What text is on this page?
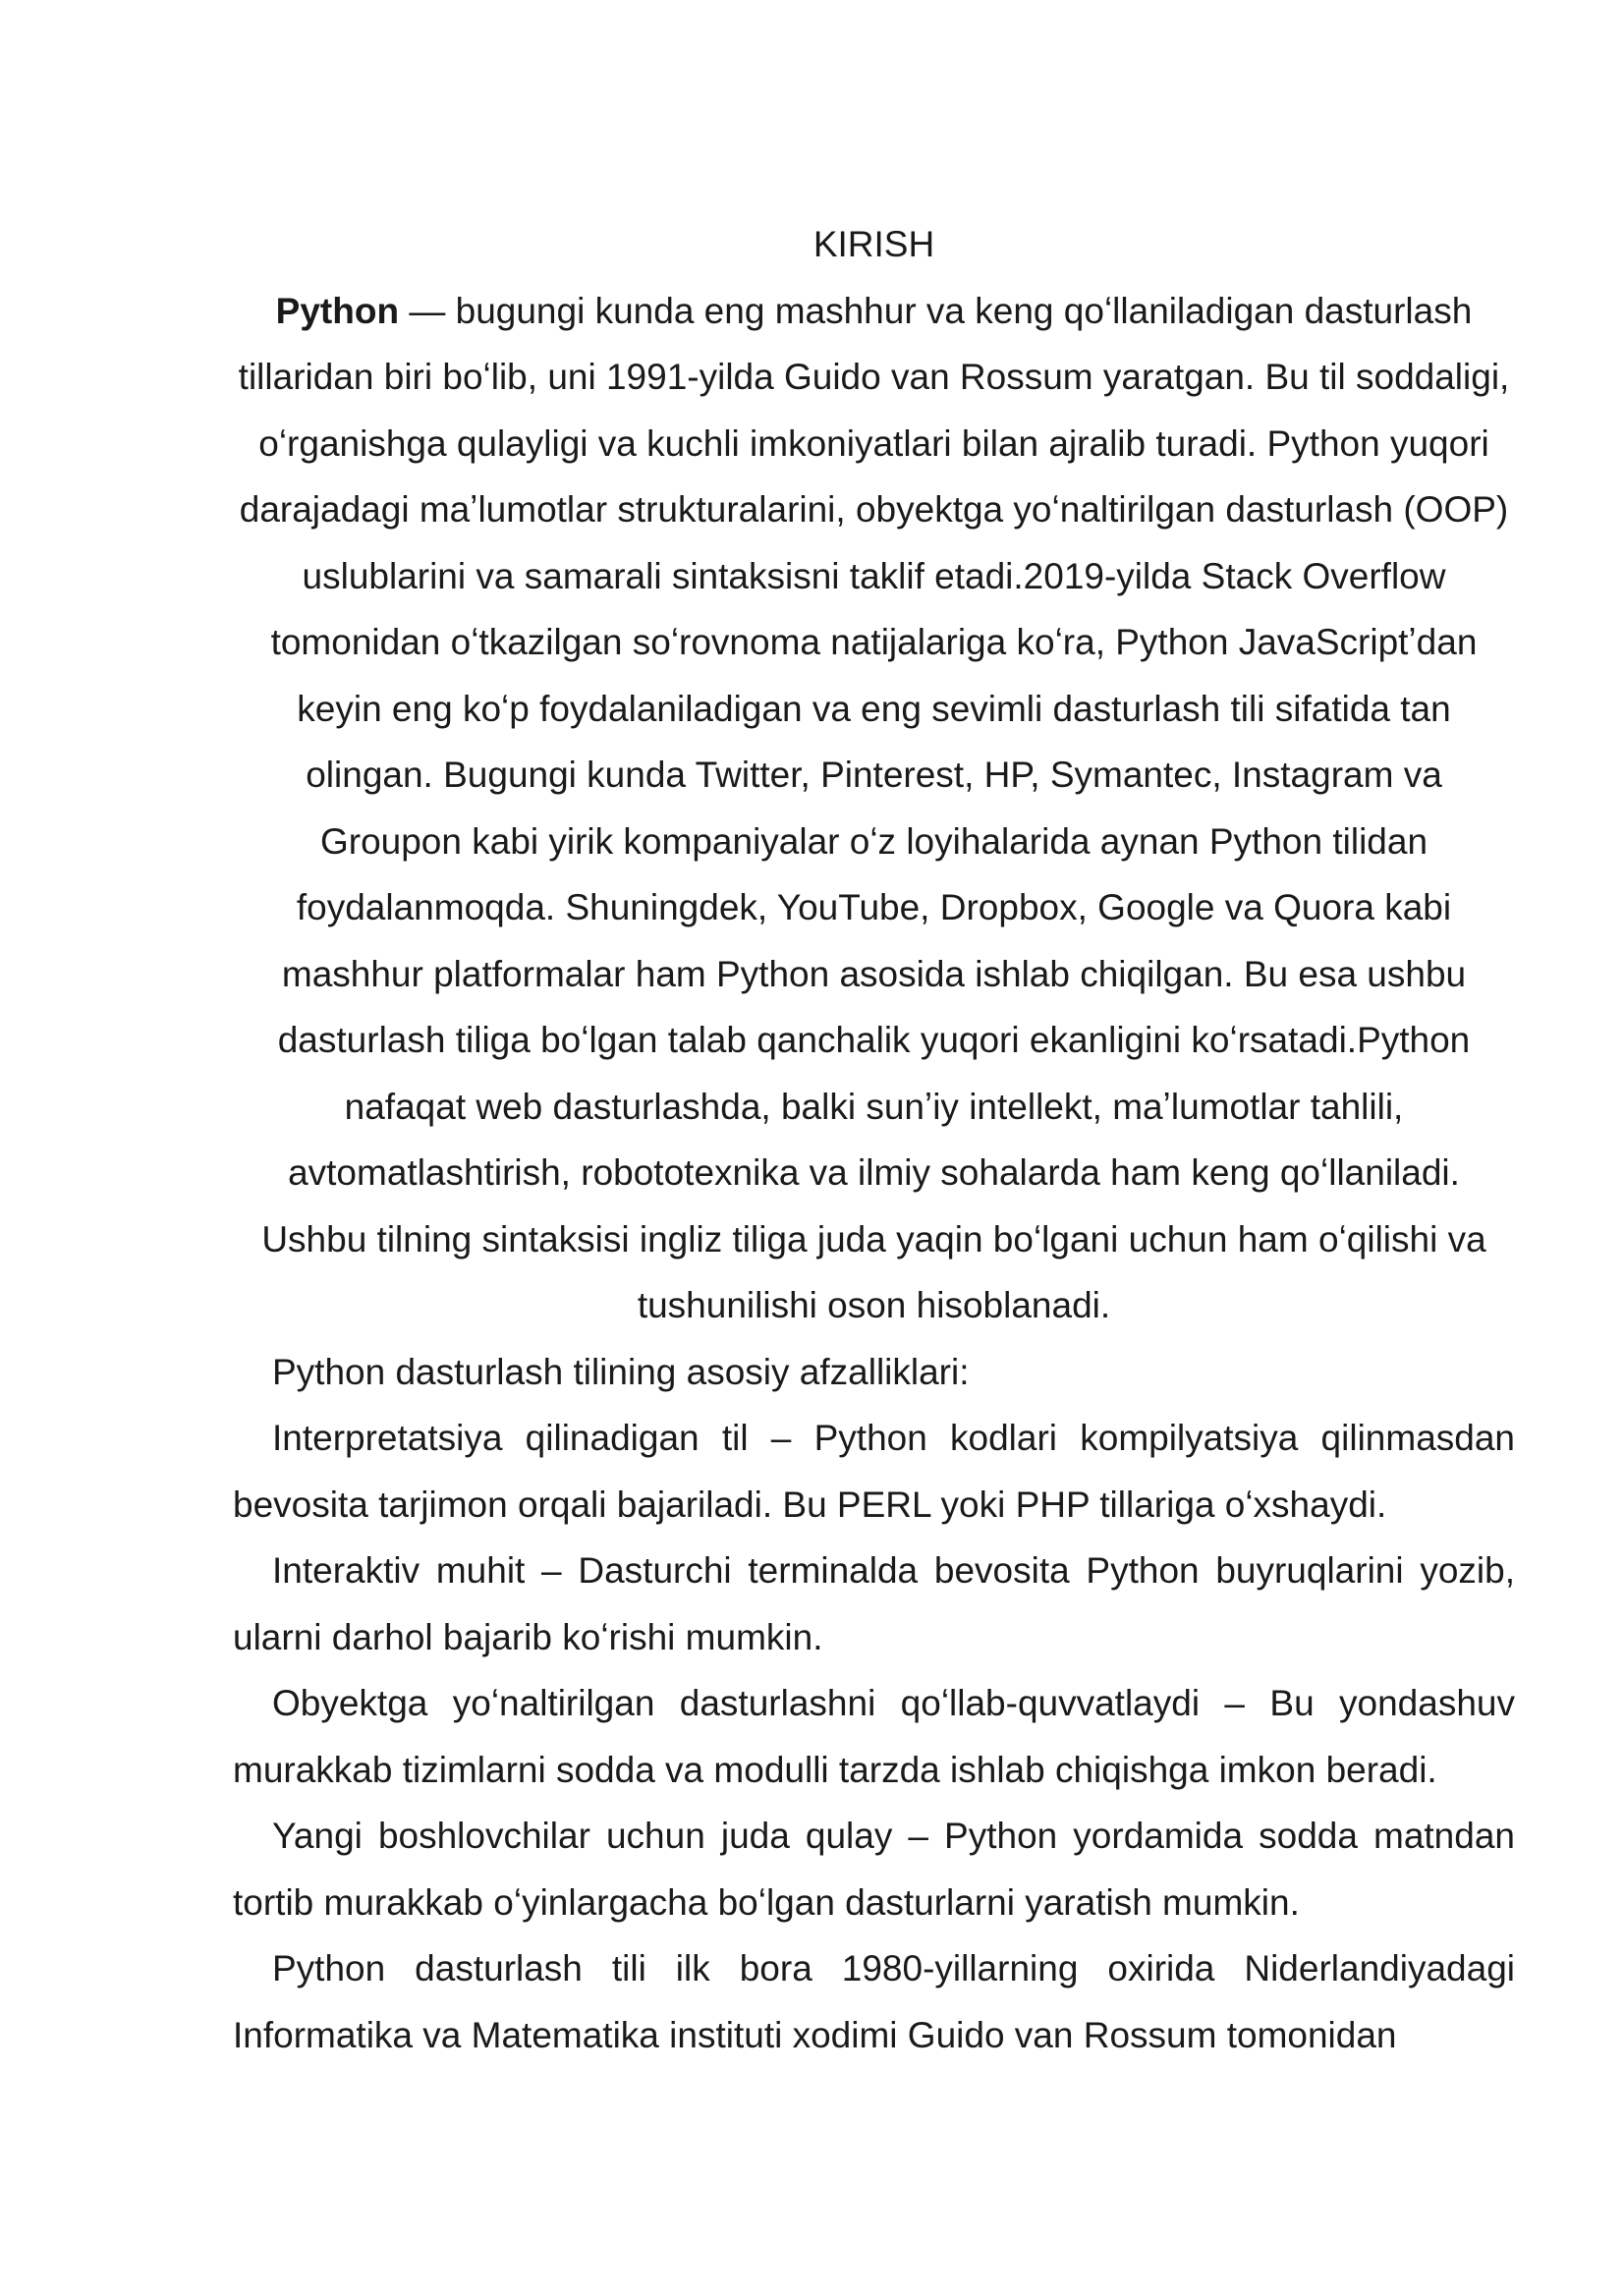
KIRISH

Python — bugungi kunda eng mashhur va keng qoʻllaniladigan dasturlash tillaridan biri boʻlib, uni 1991-yilda Guido van Rossum yaratgan. Bu til soddaligi, oʻrganishga qulayligi va kuchli imkoniyatlari bilan ajralib turadi. Python yuqori darajadagi maʼlumotlar strukturalarini, obyektga yoʻnaltirilgan dasturlash (OOP) uslublarini va samarali sintaksisni taklif etadi.2019-yilda Stack Overflow tomonidan oʻtkazilgan soʻrovnoma natijalariga koʻra, Python JavaScriptʼdan keyin eng koʻp foydalaniladigan va eng sevimli dasturlash tili sifatida tan olingan. Bugungi kunda Twitter, Pinterest, HP, Symantec, Instagram va Groupon kabi yirik kompaniyalar oʻz loyihalarida aynan Python tilidan foydalanmoqda. Shuningdek, YouTube, Dropbox, Google va Quora kabi mashhur platformalar ham Python asosida ishlab chiqilgan. Bu esa ushbu dasturlash tiliga boʻlgan talab qanchalik yuqori ekanligini koʻrsatadi.Python nafaqat web dasturlashda, balki sunʼiy intellekt, maʼlumotlar tahlili, avtomatlashtirish, robototexnika va ilmiy sohalarda ham keng qoʻllaniladi. Ushbu tilning sintaksisi ingliz tiliga juda yaqin boʻlgani uchun ham oʻqilishi va tushunilishi oson hisoblanadi.

Python dasturlash tilining asosiy afzalliklari:

Interpretatsiya qilinadigan til – Python kodlari kompilyatsiya qilinmasdan bevosita tarjimon orqali bajariladi. Bu PERL yoki PHP tillariga oʻxshaydi.

Interaktiv muhit – Dasturchi terminalda bevosita Python buyruqlarini yozib, ularni darhol bajarib koʻrishi mumkin.

Obyektga yoʻnaltirilgan dasturlashni qoʻllab-quvvatlaydi – Bu yondashuv murakkab tizimlarni sodda va modulli tarzda ishlab chiqishga imkon beradi.

Yangi boshlovchilar uchun juda qulay – Python yordamida sodda matndan tortib murakkab oʻyinlargacha boʻlgan dasturlarni yaratish mumkin.

Python dasturlash tili ilk bora 1980-yillarning oxirida Niderlandiyadagi Informatika va Matematika instituti xodimi Guido van Rossum tomonidan
